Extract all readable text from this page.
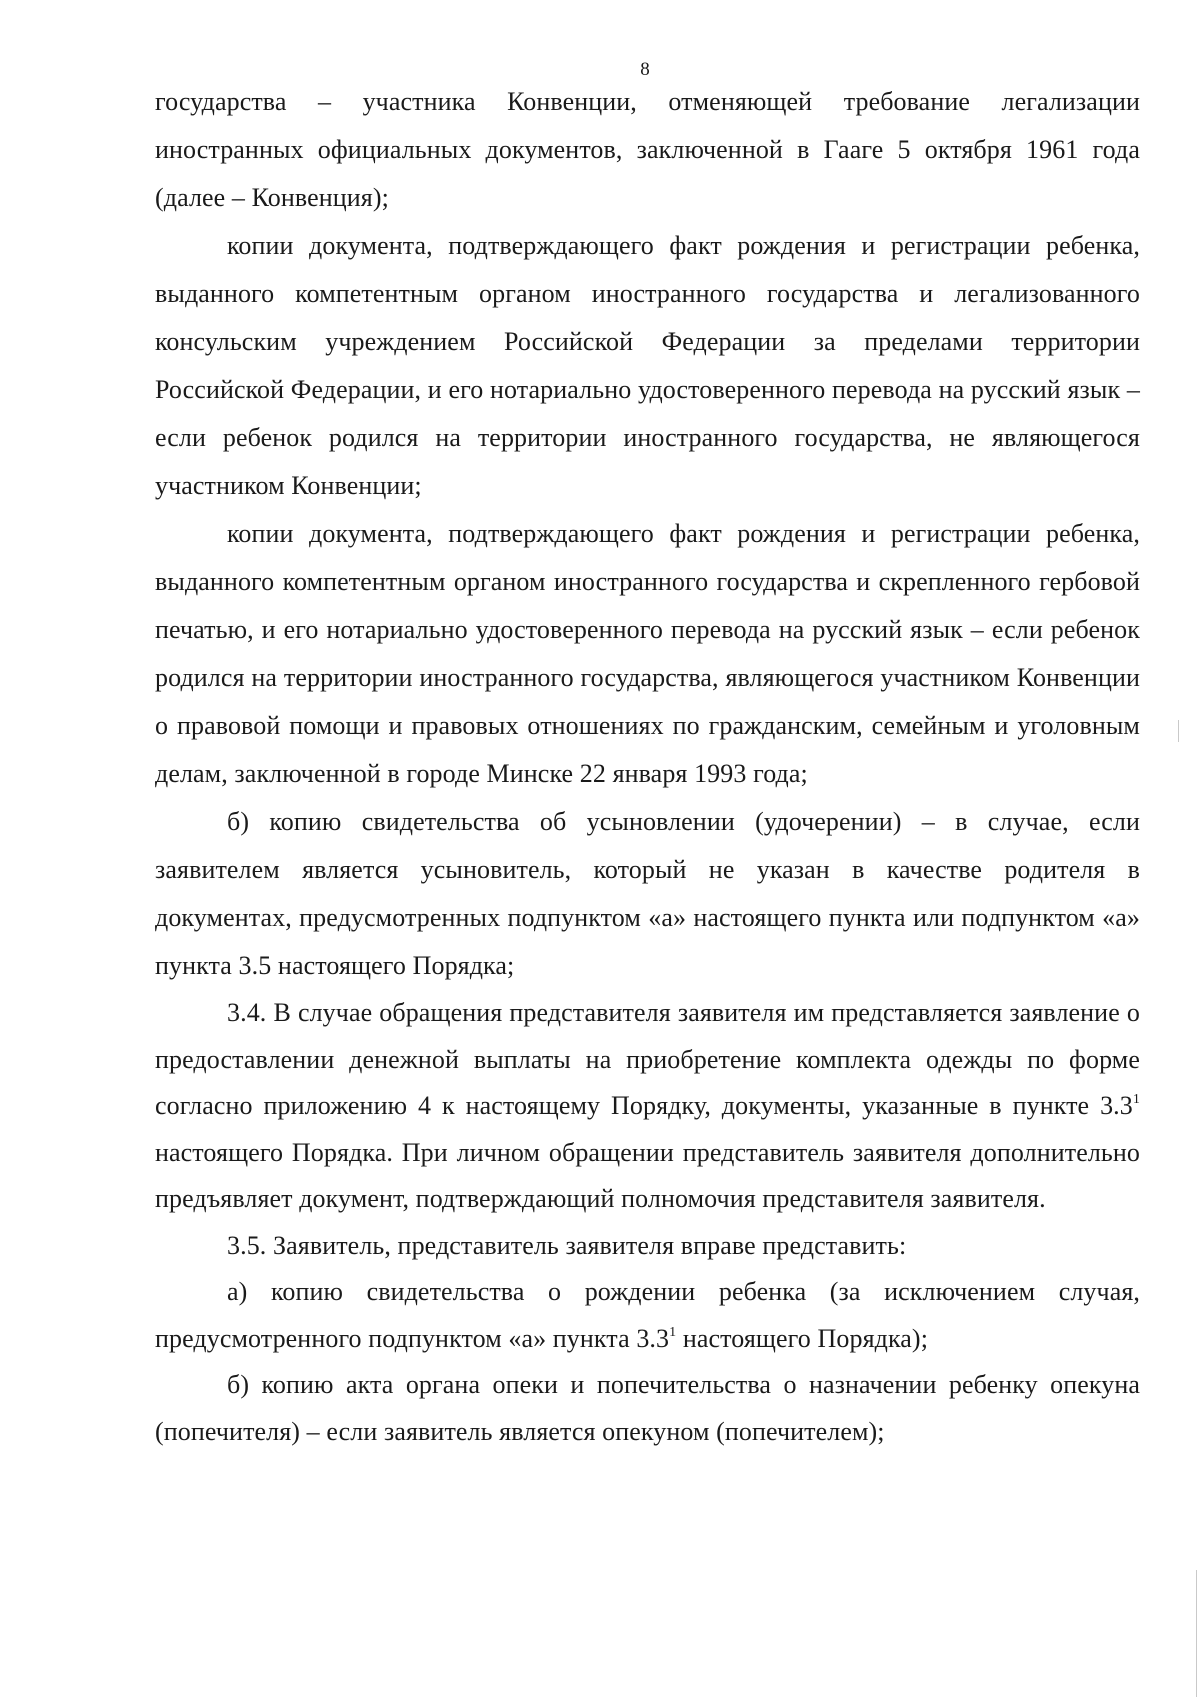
8

государства – участника Конвенции, отменяющей требование легализации иностранных официальных документов, заключенной в Гааге 5 октября 1961 года (далее – Конвенция);

копии документа, подтверждающего факт рождения и регистрации ребенка, выданного компетентным органом иностранного государства и легализованного консульским учреждением Российской Федерации за пределами территории Российской Федерации, и его нотариально удостоверенного перевода на русский язык – если ребенок родился на территории иностранного государства, не являющегося участником Конвенции;

копии документа, подтверждающего факт рождения и регистрации ребенка, выданного компетентным органом иностранного государства и скрепленного гербовой печатью, и его нотариально удостоверенного перевода на русский язык – если ребенок родился на территории иностранного государства, являющегося участником Конвенции о правовой помощи и правовых отношениях по гражданским, семейным и уголовным делам, заключенной в городе Минске 22 января 1993 года;

б) копию свидетельства об усыновлении (удочерении) – в случае, если заявителем является усыновитель, который не указан в качестве родителя в документах, предусмотренных подпунктом «а» настоящего пункта или подпунктом «а» пункта 3.5 настоящего Порядка;

3.4. В случае обращения представителя заявителя им представляется заявление о предоставлении денежной выплаты на приобретение комплекта одежды по форме согласно приложению 4 к настоящему Порядку, документы, указанные в пункте $3.3^1$ настоящего Порядка. При личном обращении представитель заявителя дополнительно предъявляет документ, подтверждающий полномочия представителя заявителя.

3.5. Заявитель, представитель заявителя вправе представить:

а) копию свидетельства о рождении ребенка (за исключением случая, предусмотренного подпунктом «а» пункта $3.3^1$ настоящего Порядка);

б) копию акта органа опеки и попечительства о назначении ребенку опекуна (попечителя) – если заявитель является опекуном (попечителем);
